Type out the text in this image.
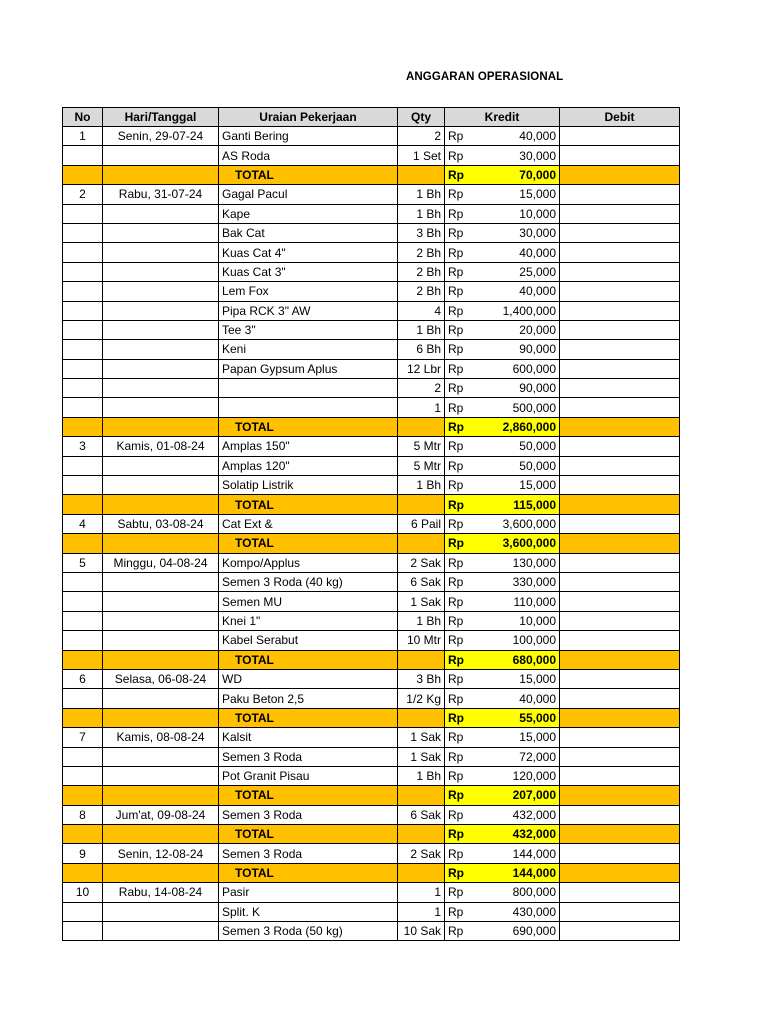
ANGGARAN OPERASIONAL
No	Hari/Tanggal	Uraian Pekerjaan	Qty	Kredit		Debit
1	Senin, 29-07-24	Ganti Bering	2	Rp	40,000	
		AS Roda	1 Set	Rp	30,000	
		TOTAL		Rp	70,000	
2	Rabu, 31-07-24	Gagal Pacul	1 Bh	Rp	15,000	
		Kape	1 Bh	Rp	10,000	
		Bak Cat	3 Bh	Rp	30,000	
		Kuas Cat 4"	2 Bh	Rp	40,000	
		Kuas Cat 3"	2 Bh	Rp	25,000	
		Lem Fox	2 Bh	Rp	40,000	
		Pipa RCK 3" AW	4	Rp	1,400,000	
		Tee 3"	1 Bh	Rp	20,000	
		Keni	6 Bh	Rp	90,000	
		Papan Gypsum Aplus	12 Lbr	Rp	600,000	
			2	Rp	90,000	
			1	Rp	500,000	
		TOTAL		Rp	2,860,000	
3	Kamis, 01-08-24	Amplas 150"	5 Mtr	Rp	50,000	
		Amplas 120"	5 Mtr	Rp	50,000	
		Solatip Listrik	1 Bh	Rp	15,000	
		TOTAL		Rp	115,000	
4	Sabtu, 03-08-24	Cat Ext &	6 Pail	Rp	3,600,000	
		TOTAL		Rp	3,600,000	
5	Minggu, 04-08-24	Kompo/Applus	2 Sak	Rp	130,000	
		Semen 3 Roda (40 kg)	6 Sak	Rp	330,000	
		Semen MU	1 Sak	Rp	110,000	
		Knei 1"	1 Bh	Rp	10,000	
		Kabel Serabut	10 Mtr	Rp	100,000	
		TOTAL		Rp	680,000	
6	Selasa, 06-08-24	WD	3 Bh	Rp	15,000	
		Paku Beton 2,5	1/2 Kg	Rp	40,000	
		TOTAL		Rp	55,000	
7	Kamis, 08-08-24	Kalsit	1 Sak	Rp	15,000	
		Semen 3 Roda	1 Sak	Rp	72,000	
		Pot Granit Pisau	1 Bh	Rp	120,000	
		TOTAL		Rp	207,000	
8	Jum'at, 09-08-24	Semen 3 Roda	6 Sak	Rp	432,000	
		TOTAL		Rp	432,000	
9	Senin, 12-08-24	Semen 3 Roda	2 Sak	Rp	144,000	
		TOTAL		Rp	144,000	
10	Rabu, 14-08-24	Pasir	1	Rp	800,000	
		Split. K	1	Rp	430,000	
		Semen 3 Roda (50 kg)	10 Sak	Rp	690,000	
